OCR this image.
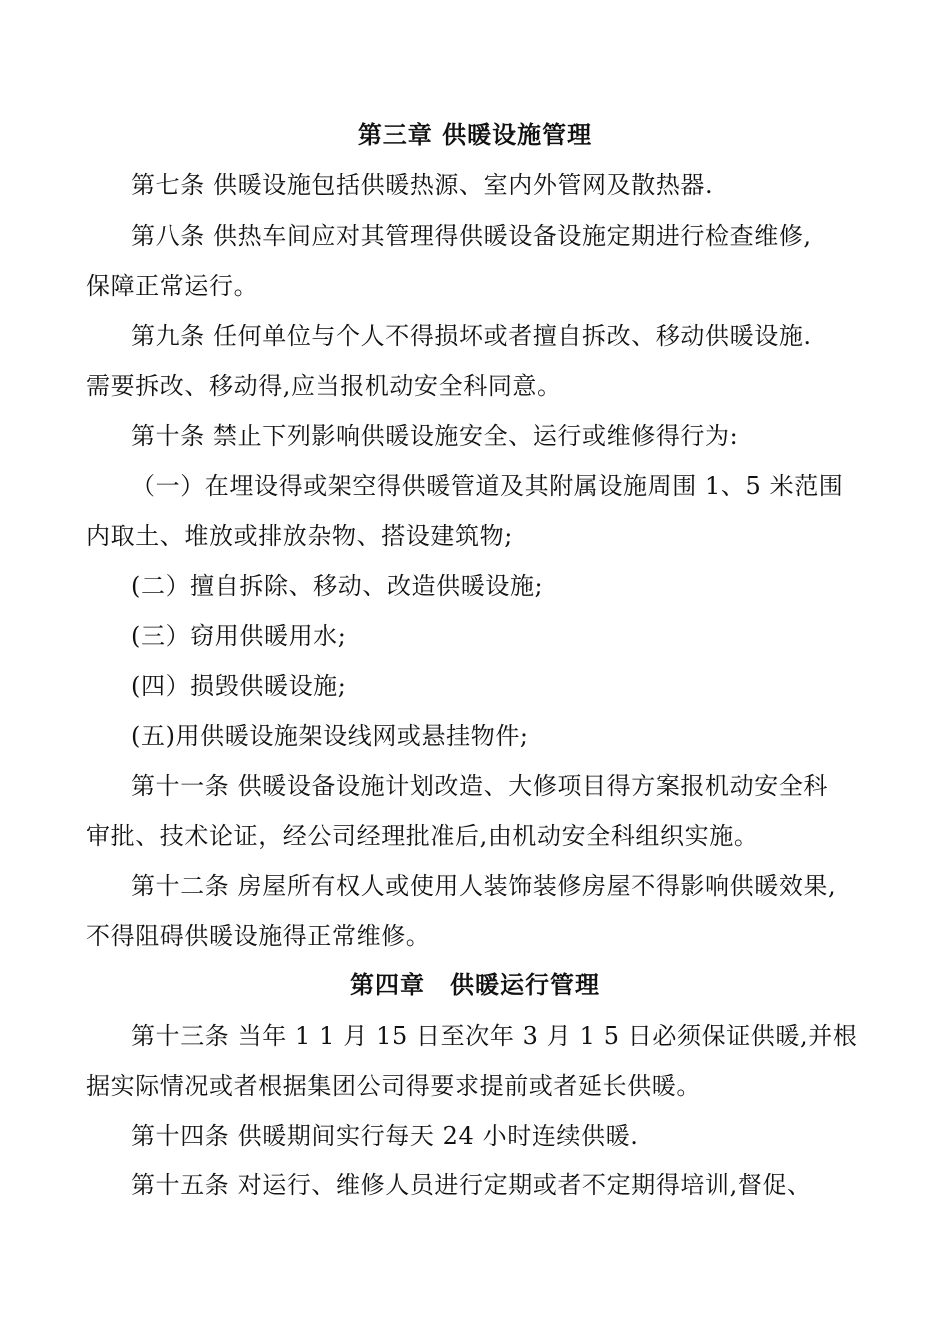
第三章 供暖设施管理
第七条 供暖设施包括供暖热源、室内外管网及散热器.
第八条 供热车间应对其管理得供暖设备设施定期进行检查维修,
保障正常运行。
第九条 任何单位与个人不得损坏或者擅自拆改、移动供暖设施.
需要拆改、移动得,应当报机动安全科同意。
第十条 禁止下列影响供暖设施安全、运行或维修得行为:
（一）在埋设得或架空得供暖管道及其附属设施周围 1、5 米范围
内取土、堆放或排放杂物、搭设建筑物;
(二）擅自拆除、移动、改造供暖设施;
(三）窃用供暖用水;
(四）损毁供暖设施;
(五)用供暖设施架设线网或悬挂物件;
第十一条 供暖设备设施计划改造、大修项目得方案报机动安全科
审批、技术论证，经公司经理批准后,由机动安全科组织实施。
第十二条 房屋所有权人或使用人装饰装修房屋不得影响供暖效果,
不得阻碍供暖设施得正常维修。
第四章　供暖运行管理
第十三条 当年 1 1 月 15 日至次年 3 月 1 5 日必须保证供暖,并根
据实际情况或者根据集团公司得要求提前或者延长供暖。
第十四条 供暖期间实行每天 24 小时连续供暖.
第十五条 对运行、维修人员进行定期或者不定期得培训,督促、
